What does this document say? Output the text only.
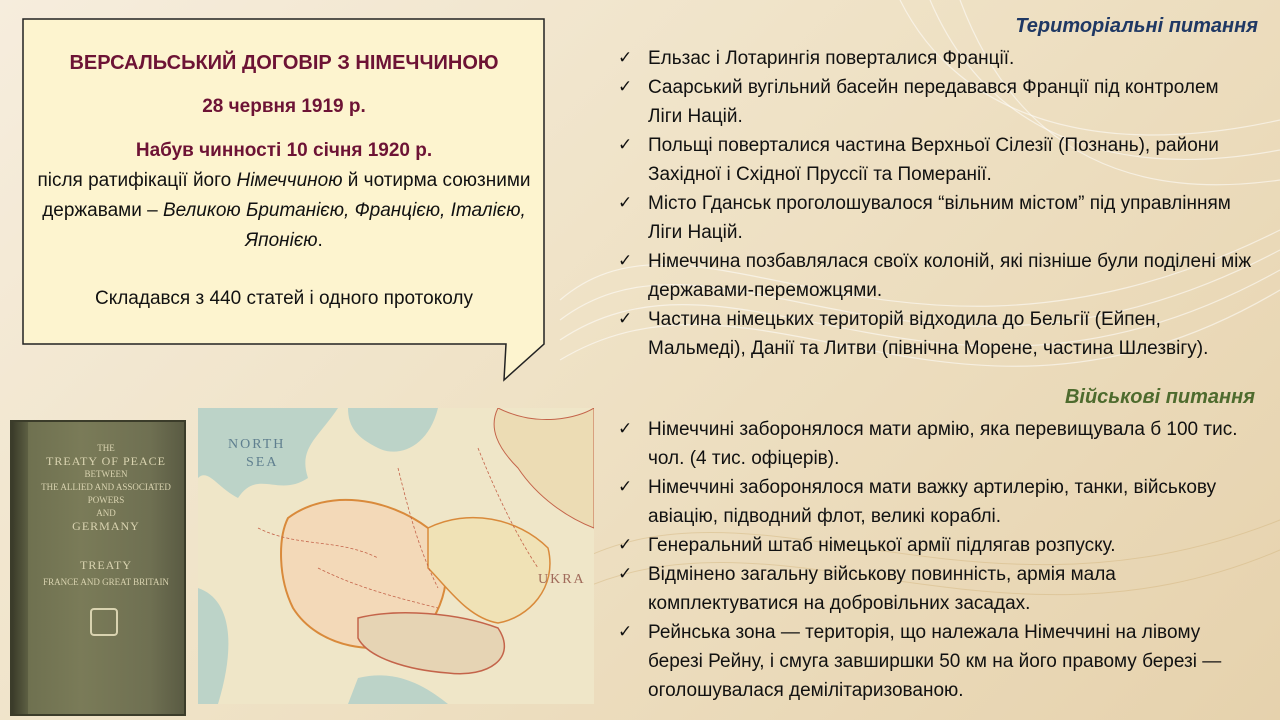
ВЕРСАЛЬСЬКИЙ ДОГОВІР З НІМЕЧЧИНОЮ
28 червня 1919 р.
Набув чинності 10 січня 1920 р.
після ратифікації його Німеччиною й чотирма союзними державами – Великою Британією, Францією, Італією, Японією.
Складався з 440 статей і одного протоколу
THE
TREATY OF PEACE
BETWEEN
THE ALLIED AND ASSOCIATED POWERS
AND
GERMANY
TREATY
FRANCE AND GREAT BRITAIN
NORTH
SEA
UKRA
Територіальні питання
✓ Ельзас і Лотарингія поверталися Франції.
✓ Саарський вугільний басейн передавався Франції під контролем Ліги Націй.
✓ Польщі поверталися частина Верхньої Сілезії (Познань), райони Західної і Східної Пруссії та Померанії.
✓ Місто Гданськ проголошувалося “вільним містом” під управлінням Ліги Націй.
✓ Німеччина позбавлялася своїх колоній, які пізніше були поділені між державами-переможцями.
✓ Частина німецьких територій відходила до Бельгії (Ейпен, Мальмеді), Данії та Литви (північна Морене, частина Шлезвігу).
Військові питання
✓ Німеччині заборонялося мати армію, яка перевищувала б 100 тис. чол. (4 тис. офіцерів).
✓ Німеччині заборонялося мати важку артилерію, танки, військову авіацію, підводний флот, великі кораблі.
✓ Генеральний штаб німецької армії підлягав розпуску.
✓ Відмінено загальну військову повинність, армія мала комплектуватися на добровільних засадах.
✓ Рейнська зона — територія, що належала Німеччині на лівому березі Рейну, і смуга завширшки 50 км на його правому березі — оголошувалася демілітаризованою.
